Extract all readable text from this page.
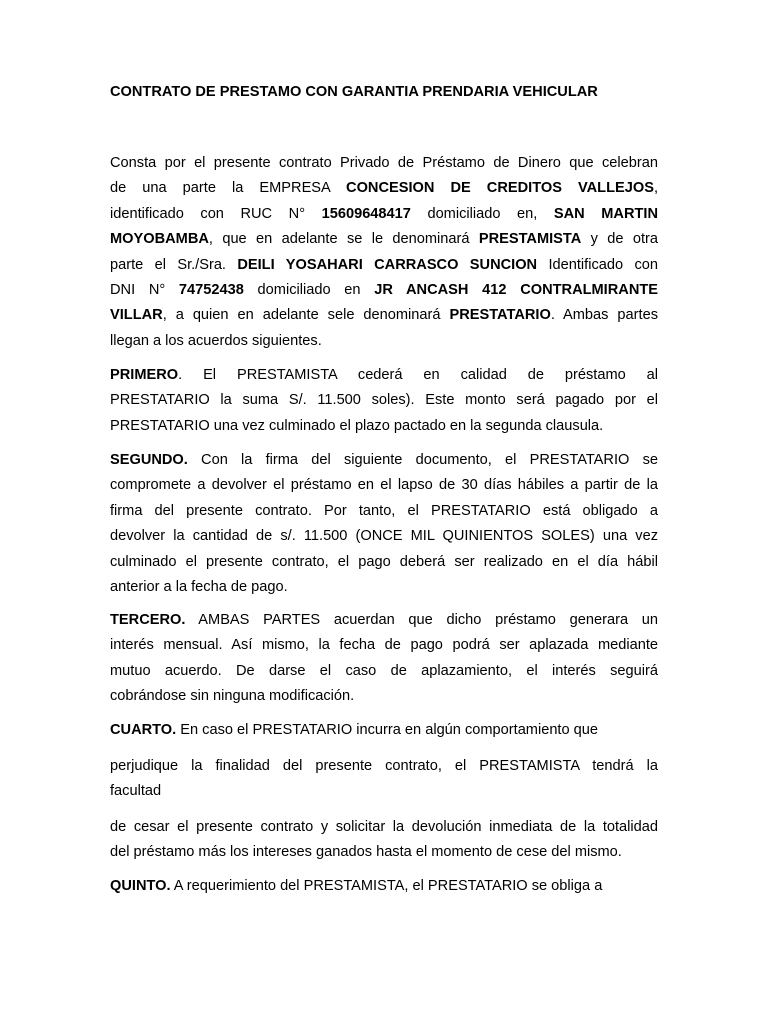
CONTRATO DE PRESTAMO CON GARANTIA PRENDARIA VEHICULAR
Consta por el presente contrato Privado de Préstamo de Dinero que celebran
de una parte la EMPRESA CONCESION DE CREDITOS VALLEJOS,
identificado con RUC N° 15609648417 domiciliado en, SAN MARTIN
MOYOBAMBA, que en adelante se le denominará PRESTAMISTA y de otra
parte el Sr./Sra. DEILI YOSAHARI CARRASCO SUNCION Identificado con
DNI N° 74752438 domiciliado en JR ANCASH 412 CONTRALMIRANTE
VILLAR, a quien en adelante sele denominará PRESTATARIO. Ambas partes
llegan a los acuerdos siguientes.
PRIMERO. El PRESTAMISTA cederá en calidad de préstamo al
PRESTATARIO la suma S/. 11.500 soles). Este monto será pagado por el
PRESTATARIO una vez culminado el plazo pactado en la segunda clausula.
SEGUNDO. Con la firma del siguiente documento, el PRESTATARIO se
compromete a devolver el préstamo en el lapso de 30 días hábiles a partir de la
firma del presente contrato. Por tanto, el PRESTATARIO está obligado a
devolver la cantidad de s/. 11.500 (ONCE MIL QUINIENTOS SOLES) una vez
culminado el presente contrato, el pago deberá ser realizado en el día hábil
anterior a la fecha de pago.
TERCERO. AMBAS PARTES acuerdan que dicho préstamo generara un
interés mensual. Así mismo, la fecha de pago podrá ser aplazada mediante
mutuo acuerdo. De darse el caso de aplazamiento, el interés seguirá
cobrándose sin ninguna modificación.
CUARTO. En caso el PRESTATARIO incurra en algún comportamiento que
perjudique la finalidad del presente contrato, el PRESTAMISTA tendrá la
facultad
de cesar el presente contrato y solicitar la devolución inmediata de la totalidad
del préstamo más los intereses ganados hasta el momento de cese del mismo.
QUINTO. A requerimiento del PRESTAMISTA, el PRESTATARIO se obliga a
